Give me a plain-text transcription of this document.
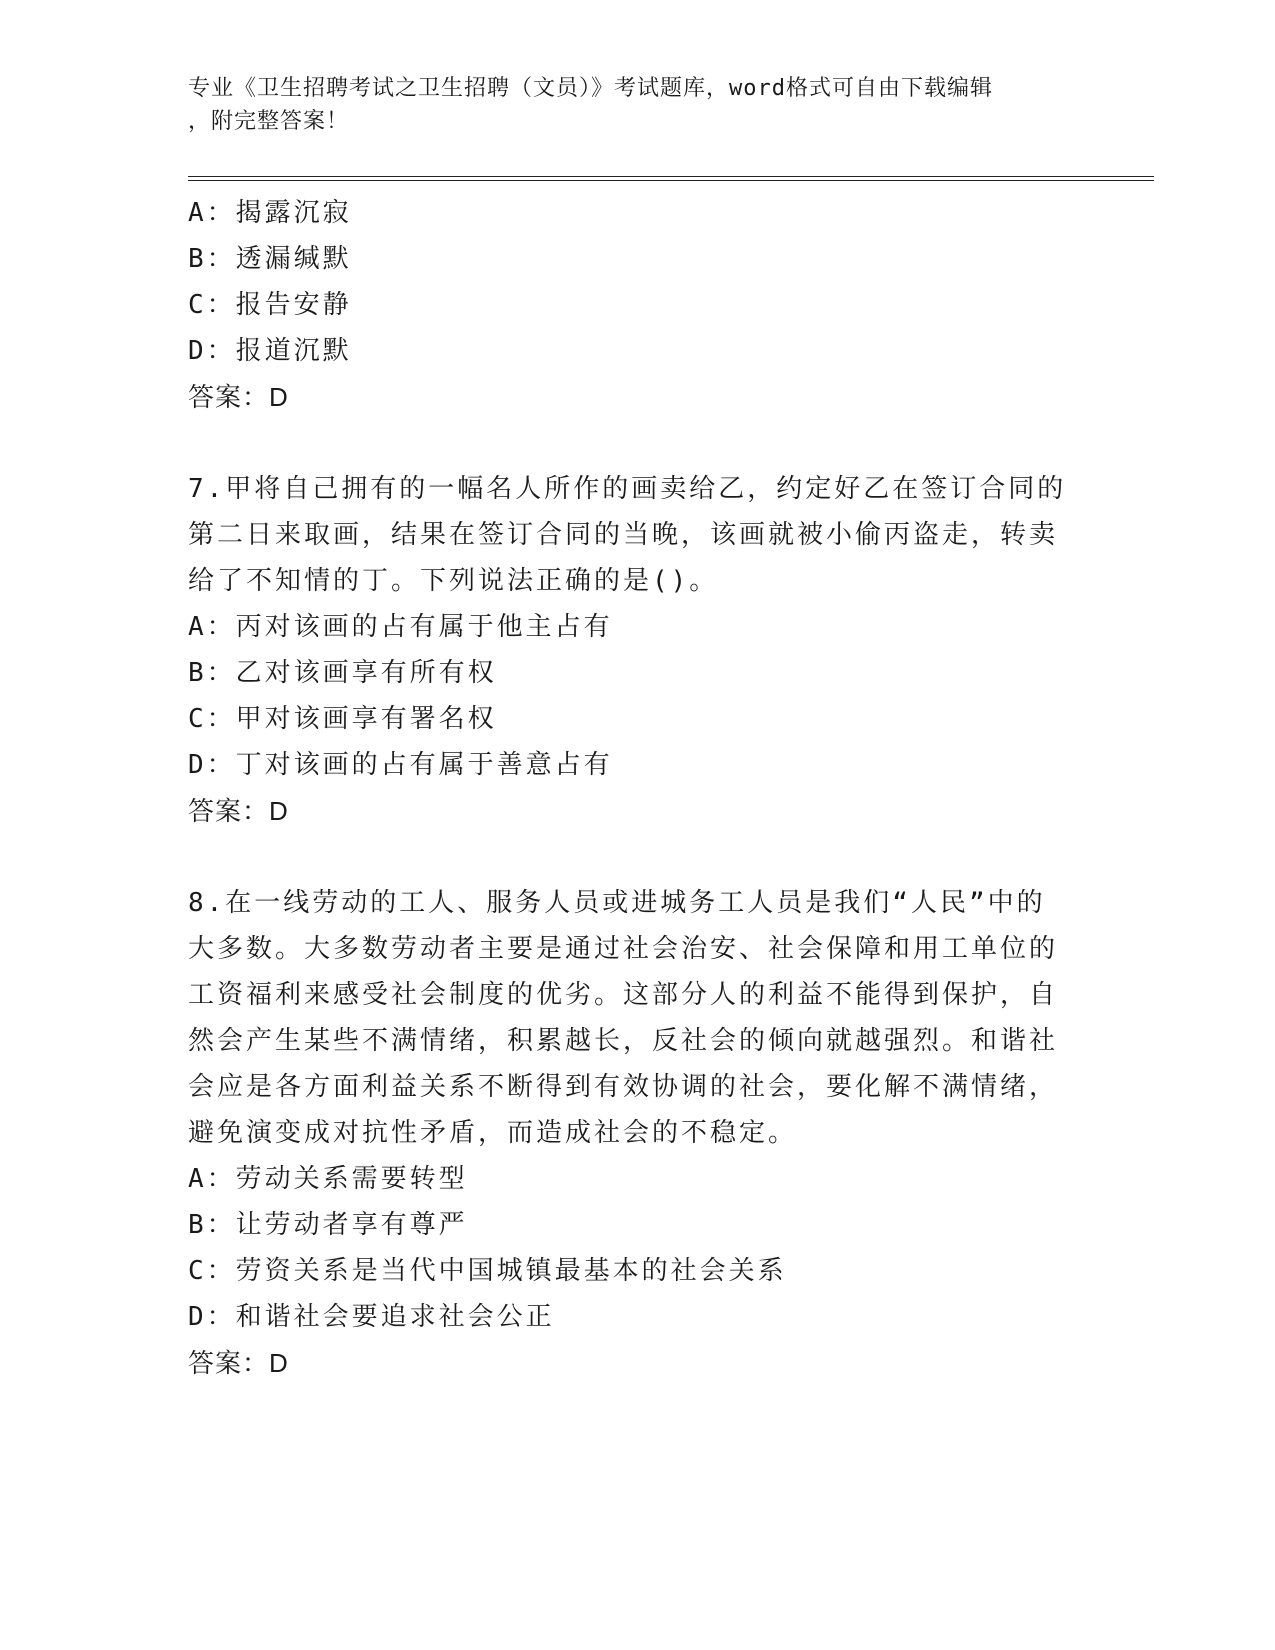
专业《卫生招聘考试之卫生招聘（文员）》考试题库，word格式可自由下载编辑
，附完整答案！
A：揭露沉寂
B：透漏缄默
C：报告安静
D：报道沉默
答案：D
7.甲将自己拥有的一幅名人所作的画卖给乙，约定好乙在签订合同的
第二日来取画，结果在签订合同的当晚，该画就被小偷丙盗走，转卖
给了不知情的丁。下列说法正确的是()。
A：丙对该画的占有属于他主占有
B：乙对该画享有所有权
C：甲对该画享有署名权
D：丁对该画的占有属于善意占有
答案：D
8.在一线劳动的工人、服务人员或进城务工人员是我们“人民”中的
大多数。大多数劳动者主要是通过社会治安、社会保障和用工单位的
工资福利来感受社会制度的优劣。这部分人的利益不能得到保护，自
然会产生某些不满情绪，积累越长，反社会的倾向就越强烈。和谐社
会应是各方面利益关系不断得到有效协调的社会，要化解不满情绪，
避免演变成对抗性矛盾，而造成社会的不稳定。
A：劳动关系需要转型
B：让劳动者享有尊严
C：劳资关系是当代中国城镇最基本的社会关系
D：和谐社会要追求社会公正
答案：D
